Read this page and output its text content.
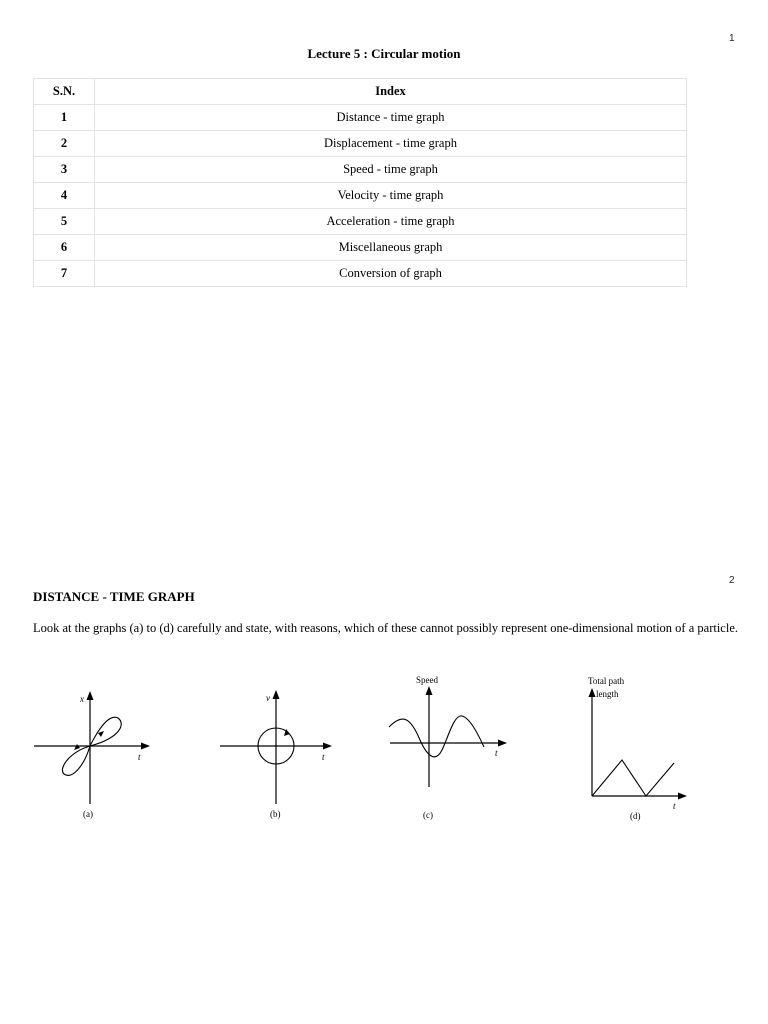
1
Lecture 5 : Circular motion
S.N.	Index
1	Distance - time graph
2	Displacement - time graph
3	Speed - time graph
4	Velocity - time graph
5	Acceleration - time graph
6	Miscellaneous graph
7	Conversion of graph
2
DISTANCE - TIME GRAPH
Look at the graphs (a) to (d) carefully and state, with reasons, which of these cannot possibly represent one-dimensional motion of a particle.
x
t
(a)
v
t
(b)
Speed
t
(c)
Total path
length
t
(d)
